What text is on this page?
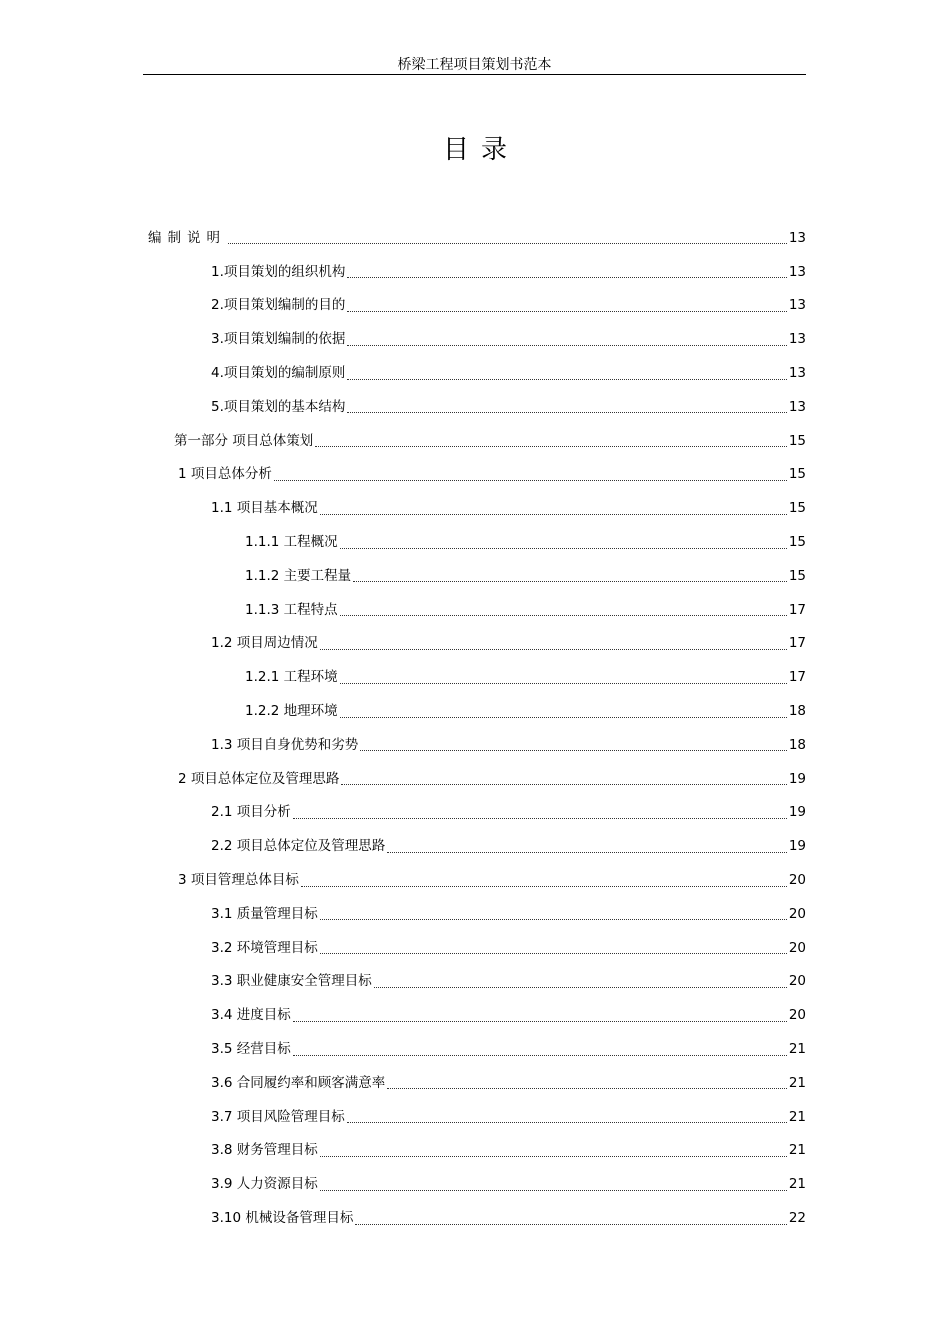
桥梁工程项目策划书范本
目录
编制说明	13
1.项目策划的组织机构	13
2.项目策划编制的目的	13
3.项目策划编制的依据	13
4.项目策划的编制原则	13
5.项目策划的基本结构	13
第一部分 项目总体策划	15
1 项目总体分析	15
1.1 项目基本概况	15
1.1.1 工程概况	15
1.1.2 主要工程量	15
1.1.3 工程特点	17
1.2 项目周边情况	17
1.2.1 工程环境	17
1.2.2 地理环境	18
1.3 项目自身优势和劣势	18
2 项目总体定位及管理思路	19
2.1 项目分析	19
2.2 项目总体定位及管理思路	19
3 项目管理总体目标	20
3.1 质量管理目标	20
3.2 环境管理目标	20
3.3 职业健康安全管理目标	20
3.4 进度目标	20
3.5 经营目标	21
3.6 合同履约率和顾客满意率	21
3.7 项目风险管理目标	21
3.8 财务管理目标	21
3.9 人力资源目标	21
3.10 机械设备管理目标	22
